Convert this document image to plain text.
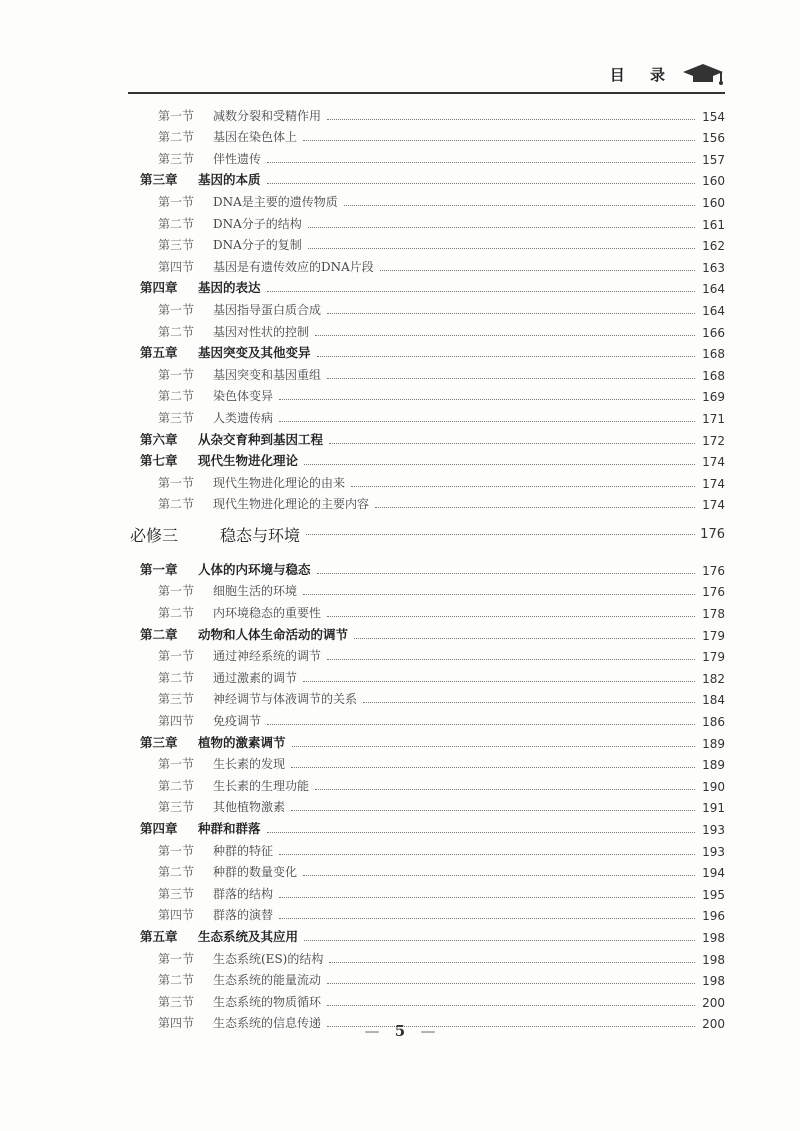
目 录
第一节	减数分裂和受精作用	154
第二节	基因在染色体上	156
第三节	伴性遗传	157
第三章	基因的本质	160
第一节	DNA是主要的遗传物质	160
第二节	DNA分子的结构	161
第三节	DNA分子的复制	162
第四节	基因是有遗传效应的DNA片段	163
第四章	基因的表达	164
第一节	基因指导蛋白质合成	164
第二节	基因对性状的控制	166
第五章	基因突变及其他变异	168
第一节	基因突变和基因重组	168
第二节	染色体变异	169
第三节	人类遗传病	171
第六章	从杂交育种到基因工程	172
第七章	现代生物进化理论	174
第一节	现代生物进化理论的由来	174
第二节	现代生物进化理论的主要内容	174
必修三	稳态与环境	176
第一章	人体的内环境与稳态	176
第一节	细胞生活的环境	176
第二节	内环境稳态的重要性	178
第二章	动物和人体生命活动的调节	179
第一节	通过神经系统的调节	179
第二节	通过激素的调节	182
第三节	神经调节与体液调节的关系	184
第四节	免疫调节	186
第三章	植物的激素调节	189
第一节	生长素的发现	189
第二节	生长素的生理功能	190
第三节	其他植物激素	191
第四章	种群和群落	193
第一节	种群的特征	193
第二节	种群的数量变化	194
第三节	群落的结构	195
第四节	群落的演替	196
第五章	生态系统及其应用	198
第一节	生态系统(ES)的结构	198
第二节	生态系统的能量流动	198
第三节	生态系统的物质循环	200
第四节	生态系统的信息传递	200
— 5 —
